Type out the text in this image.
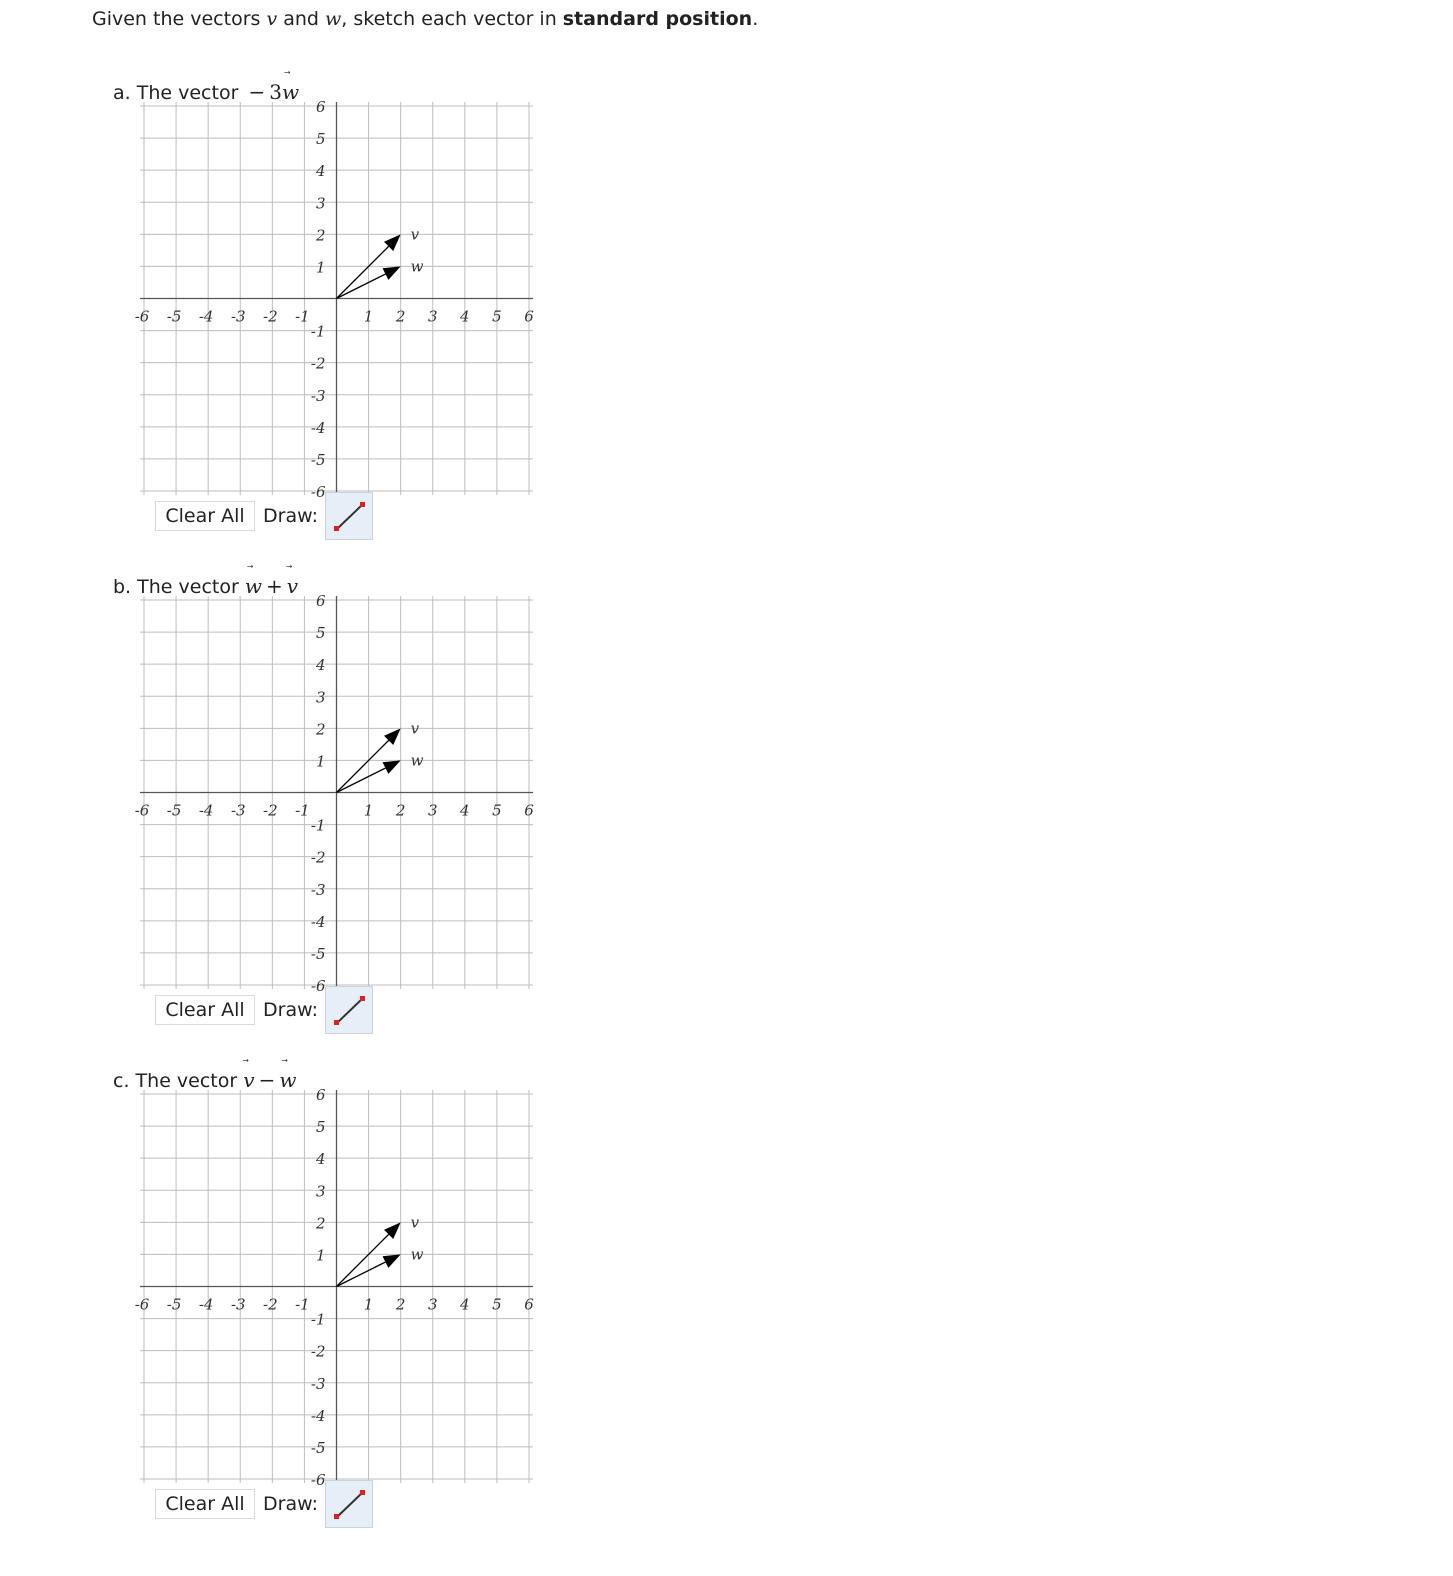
Given the vectors v
and w
, sketch each vector in standard position.
a. The vector − 3w
-6 -5 -4 -3 -2 -1	1 2 3 4 5 6
6
5
4
3
2
1
-1
-2
-3
-4
-5
-6
v
w
Clear All Draw:
b. The vector w + v
-6 -5 -4 -3 -2 -1	1 2 3 4 5 6
6
5
4
3
2
1
-1
-2
-3
-4
-5
-6
v
w
Clear All Draw:
c. The vector v − w
-6 -5 -4 -3 -2 -1	1 2 3 4 5 6
6
5
4
3
2
1
-1
-2
-3
-4
-5
-6
v
w
Clear All Draw:
